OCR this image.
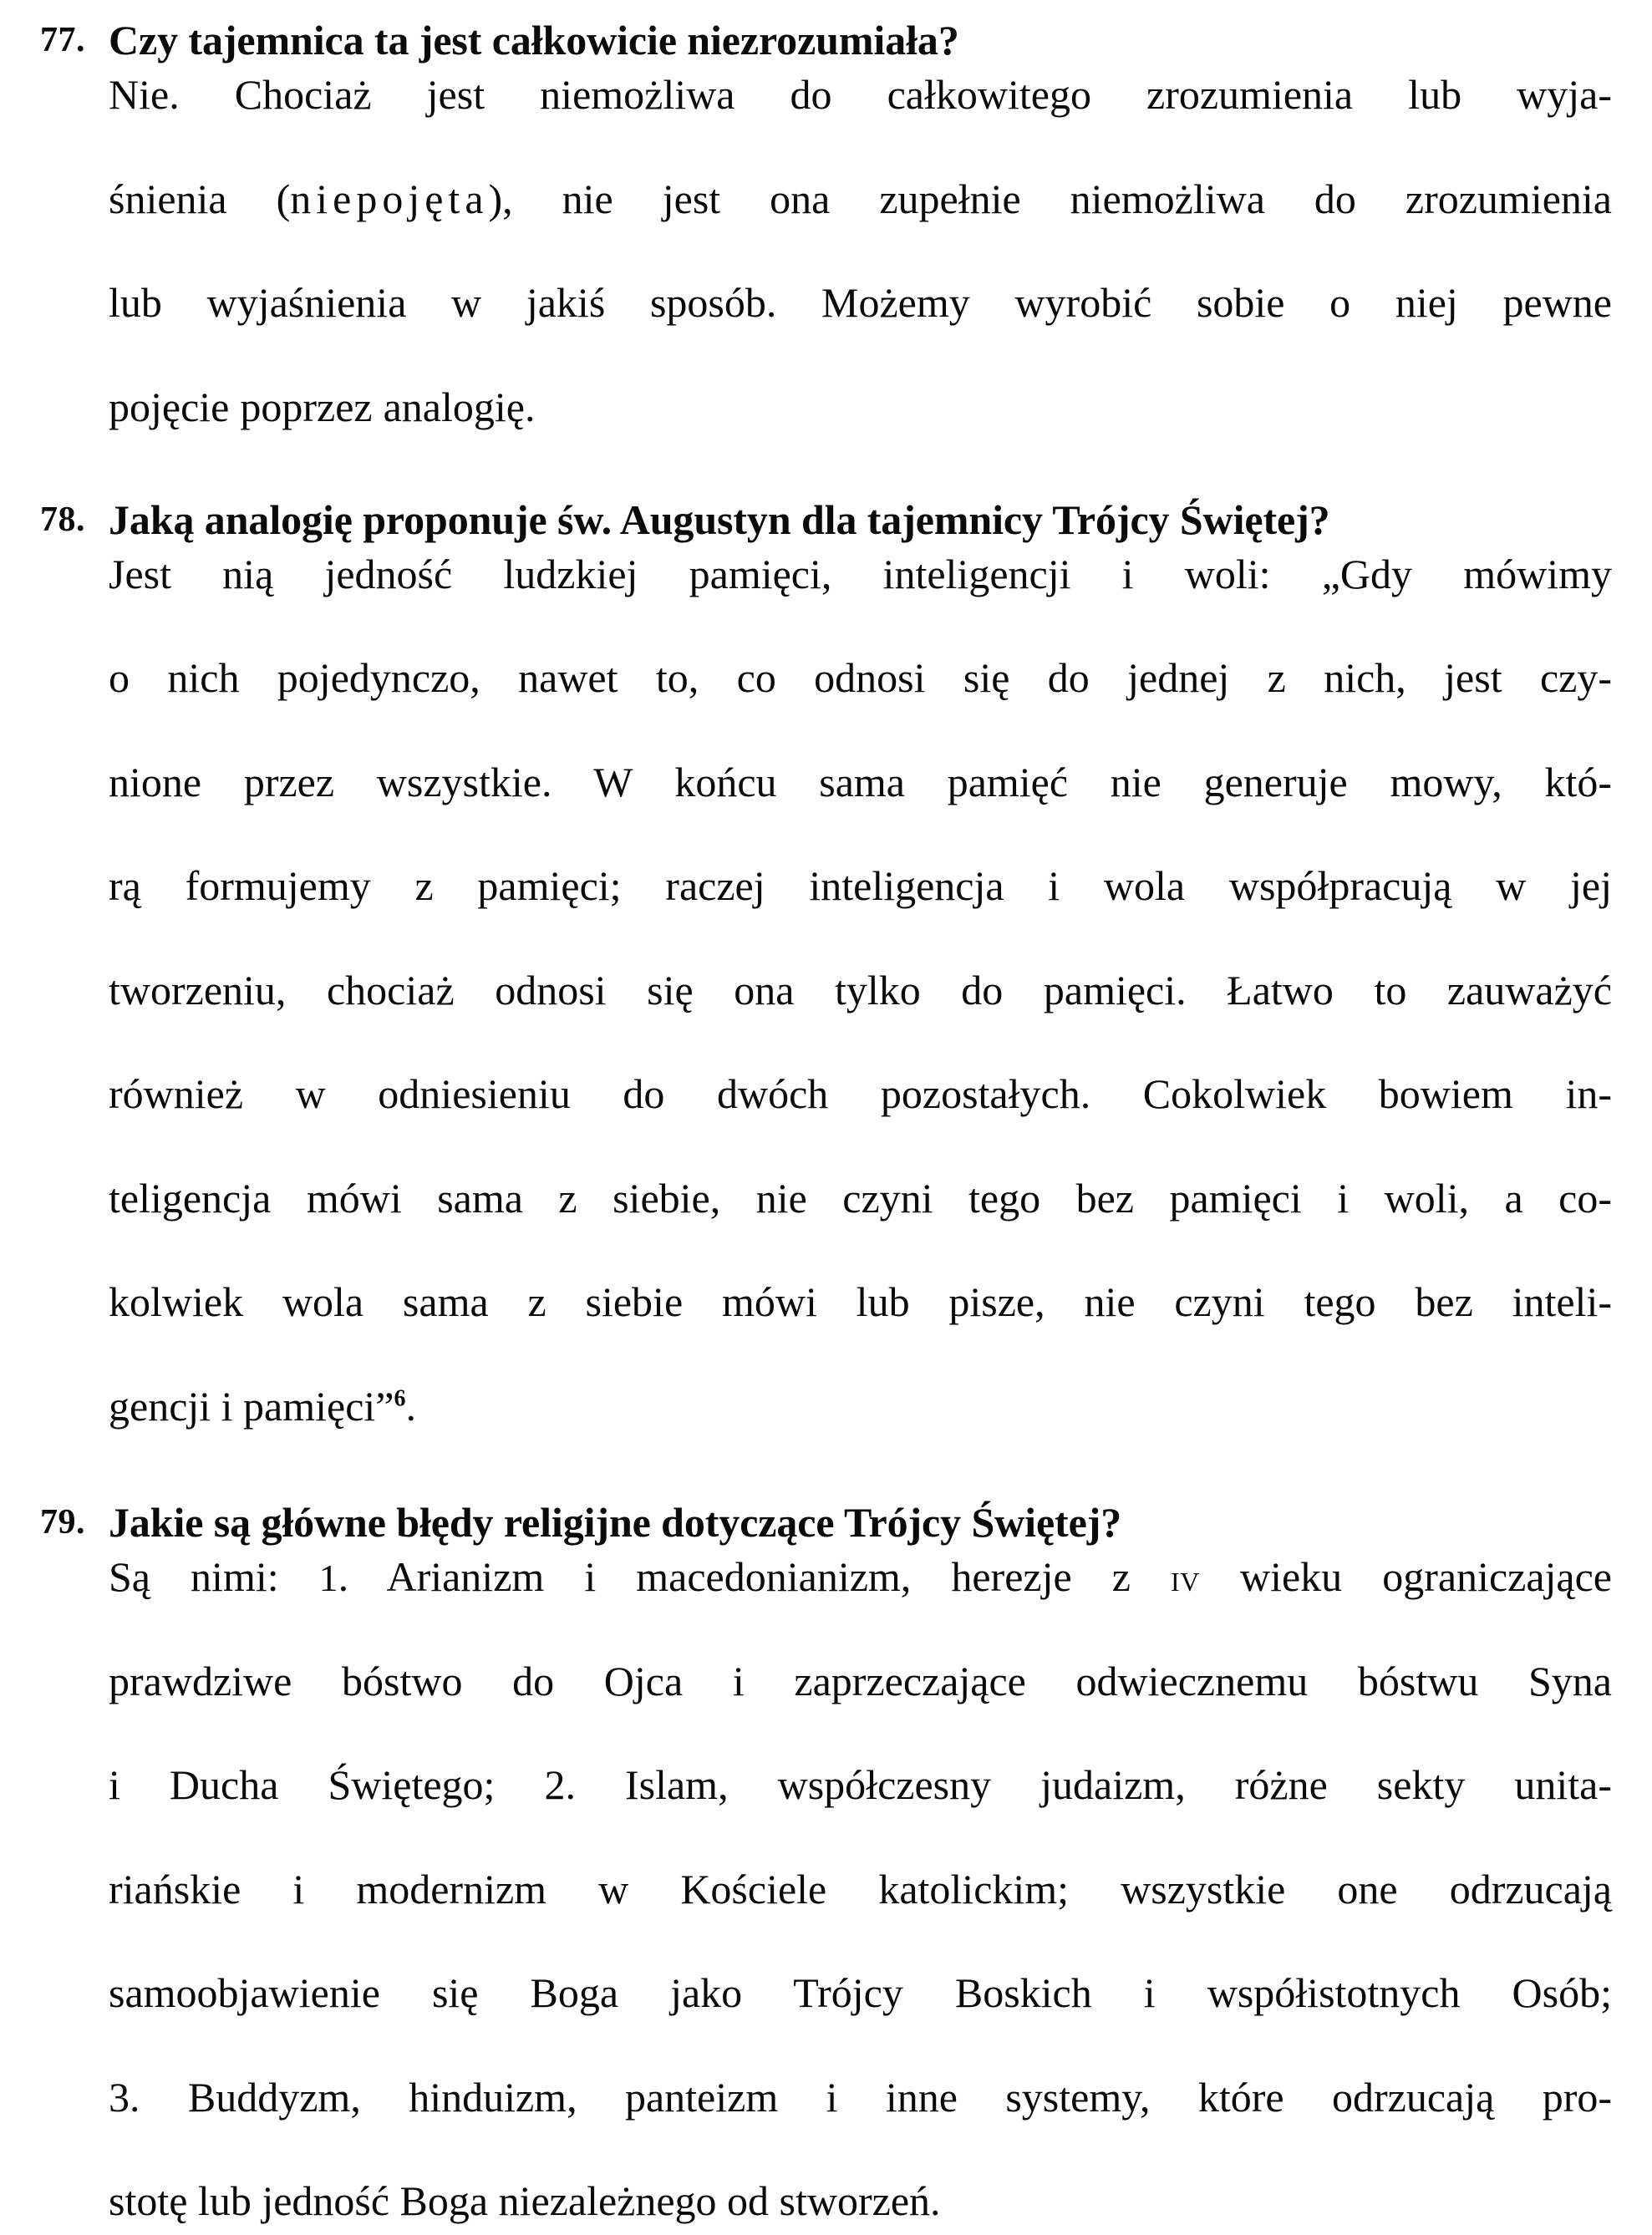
77. Czy tajemnica ta jest całkowicie niezrozumiała?
Nie. Chociaż jest niemożliwa do całkowitego zrozumienia lub wyja-
śnienia (niepojęta), nie jest ona zupełnie niemożliwa do zrozumienia
lub wyjaśnienia w jakiś sposób. Możemy wyrobić sobie o niej pewne
pojęcie poprzez analogię.
78. Jaką analogię proponuje św. Augustyn dla tajemnicy Trójcy Świętej?
Jest nią jedność ludzkiej pamięci, inteligencji i woli: „Gdy mówimy
o nich pojedynczo, nawet to, co odnosi się do jednej z nich, jest czy-
nione przez wszystkie. W końcu sama pamięć nie generuje mowy, któ-
rą formujemy z pamięci; raczej inteligencja i wola współpracują w jej
tworzeniu, chociaż odnosi się ona tylko do pamięci. Łatwo to zauważyć
również w odniesieniu do dwóch pozostałych. Cokolwiek bowiem in-
teligencja mówi sama z siebie, nie czyni tego bez pamięci i woli, a co-
kolwiek wola sama z siebie mówi lub pisze, nie czyni tego bez inteli-
gencji i pamięci”$^6$.
79. Jakie są główne błędy religijne dotyczące Trójcy Świętej?
Są nimi: 1. Arianizm i macedonianizm, herezje z iv wieku ograniczające
prawdziwe bóstwo do Ojca i zaprzeczające odwiecznemu bóstwu Syna
i Ducha Świętego; 2. Islam, współczesny judaizm, różne sekty unita-
riańskie i modernizm w Kościele katolickim; wszystkie one odrzucają
samoobjawienie się Boga jako Trójcy Boskich i współistotnych Osób;
3. Buddyzm, hinduizm, panteizm i inne systemy, które odrzucają pro-
stotę lub jedność Boga niezależnego od stworzeń.
